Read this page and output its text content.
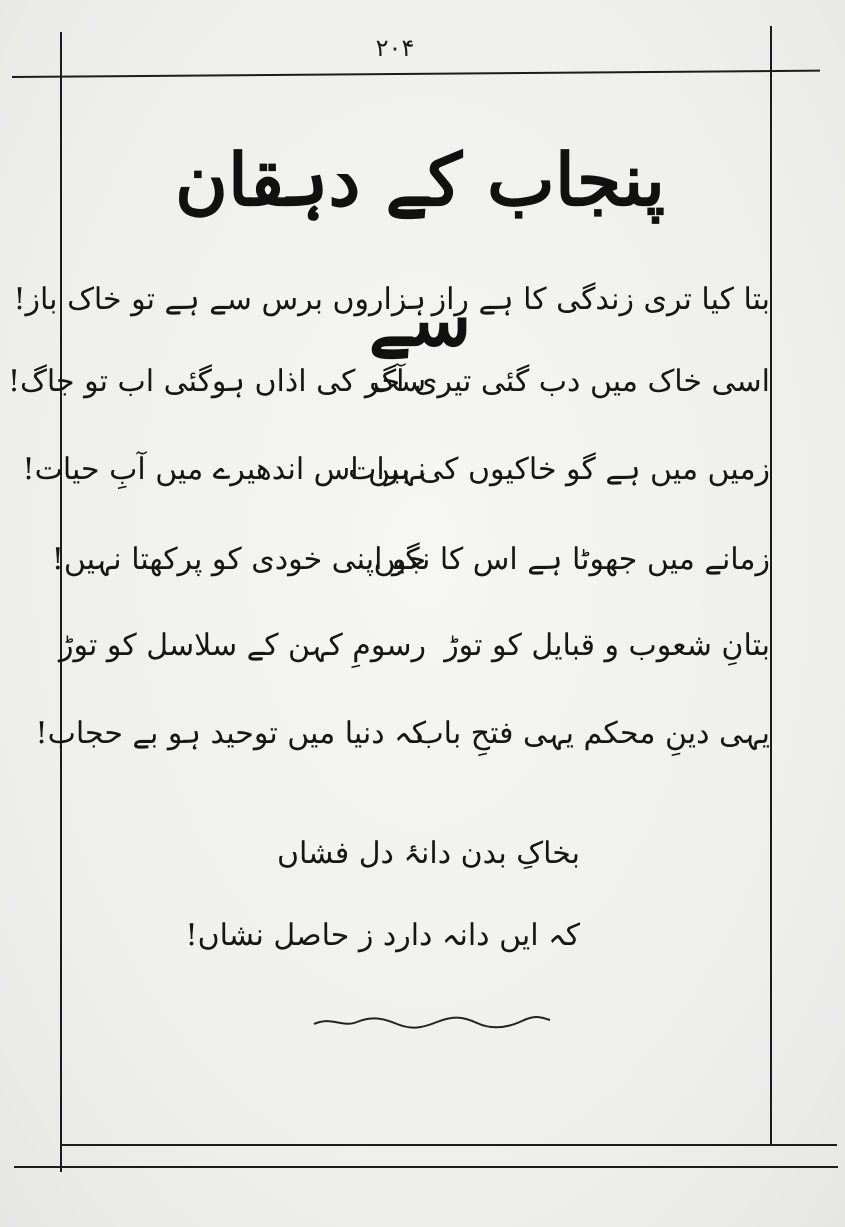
۲۰۴
پنجاب کے دہقان سے
بتا کیا تری زندگی کا ہے راز
ہزاروں برس سے ہے تو خاک باز!
اسی خاک میں دب گئی تیری آگ
سحر کی اذاں ہوگئی اب تو جاگ!
زمیں میں ہے گو خاکیوں کی برات
نہیں اس اندھیرے میں آبِ حیات!
زمانے میں جھوٹا ہے اس کا نگیں
جو اپنی خودی کو پرکھتا نہیں!
بتانِ شعوب و قبایل کو توڑ
رسومِ کہن کے سلاسل کو توڑ
یہی دینِ محکم یہی فتحِ باب
کہ دنیا میں توحید ہو بے حجاب!
بخاکِ بدن دانۂ دل فشاں
کہ ایں دانہ دارد ز حاصل نشاں!
